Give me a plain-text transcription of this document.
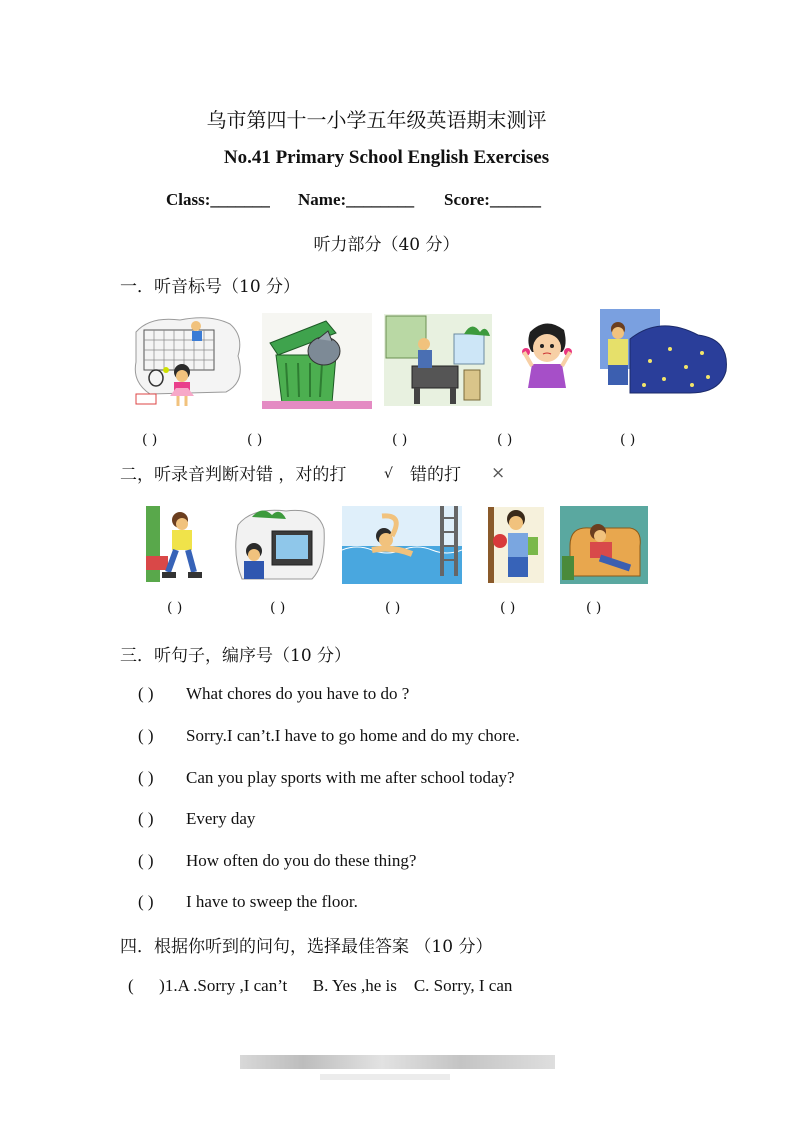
乌市第四十一小学五年级英语期末测评
No.41 Primary School English Exercises
Class:_______ Name:________ Score:______
听力部分（40 分）
一．听音标号（10 分）
( )	( )	( )	( )	( )
二，听录音判断对错 ，对的打	√ 错的打 ×
( )	( )	( )	( )	( )
三．听句子，编序号（10 分）
( ) What chores do you have to do ?
( ) Sorry.I can’t.I have to go home and do my chore.
( ) Can you play sports with me after school today?
( ) Every day
( ) How often do you do these thing?
( ) I have to sweep the floor.
四．根据你听到的问句，选择最佳答案 （10 分）
(      )1.A .Sorry ,I can’t      B. Yes ,he is    C. Sorry, I can
